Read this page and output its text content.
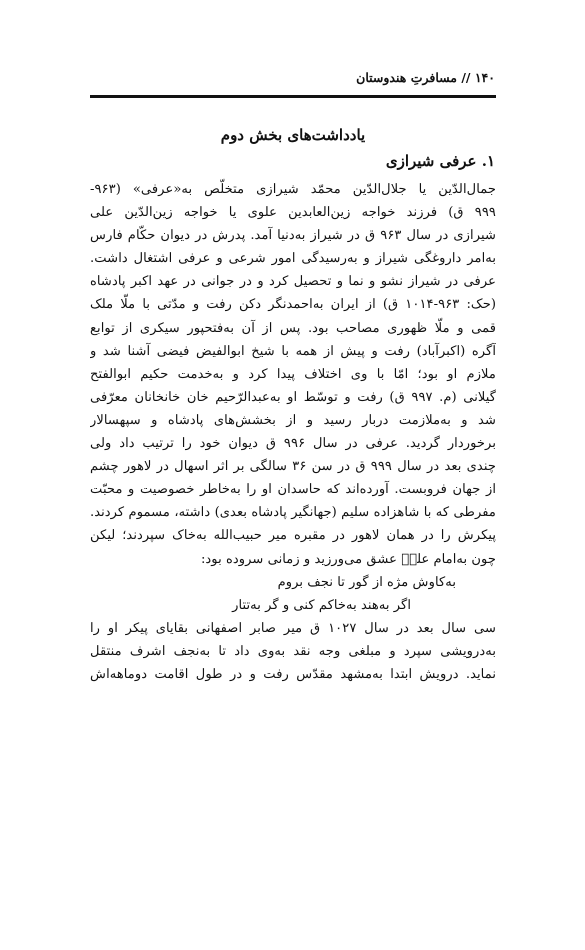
۱۴۰ // مسافرتِ هندوستان
یادداشت‌های بخش دوم
۱. عرفی شیرازی
جمال‌الدّین یا جلال‌الدّین محمّد شیرازی متخلّص به«عرفی» (۹۶۳-
۹۹۹ ق) فرزند خواجه زین‌العابدین علوی یا خواجه زین‌الدّین علی
شیرازی در سال ۹۶۳ ق در شیراز به‌دنیا آمد. پدرش در دیوان حکّام فارس
به‌امر داروغگی شیراز و به‌رسیدگی امور شرعی و عرفی اشتغال داشت.
عرفی در شیراز نشو و نما و تحصیل کرد و در جوانی در عهد اکبر پادشاه
(حک: ۹۶۳-۱۰۱۴ ق) از ایران به‌احمدنگر دکن رفت و مدّتی با ملّا ملک
قمی و ملّا ظهوری مصاحب بود. پس از آن به‌فتحپور سیکری از توابع
آگره (اکبرآباد) رفت و پیش از همه با شیخ ابوالفیض فیضی آشنا شد و
ملازم او بود؛ امّا با وی اختلاف پیدا کرد و به‌خدمت حکیم ابوالفتح
گیلانی (م. ۹۹۷ ق) رفت و توسّط او به‌عبدالرّحیم خان خانخانان معرّفی
شد و به‌ملازمت دربار رسید و از بخشش‌های پادشاه و سپهسالار
برخوردار گردید. عرفی در سال ۹۹۶ ق دیوان خود را ترتیب داد ولی
چندی بعد در سال ۹۹۹ ق در سن ۳۶ سالگی بر اثر اسهال در لاهور چشم
از جهان فروبست. آورده‌اند که حاسدان او را به‌خاطر خصوصیت و محبّت
مفرطی که با شاهزاده سلیم (جهانگیر پادشاه بعدی) داشته، مسموم کردند.
پیکرش را در همان لاهور در مقبره میر حبیب‌الله به‌خاک سپردند؛ لیکن
چون به‌امام علیؑ عشق می‌ورزید و زمانی سروده بود:
به‌کاوش مژه از گور تا نجف بروم
اگر به‌هند به‌خاکم کنی و گر به‌تتار
سی سال بعد در سال ۱۰۲۷ ق میر صابر اصفهانی بقایای پیکر او را
به‌درویشی سپرد و مبلغی وجه نقد به‌وی داد تا به‌نجف اشرف منتقل
نماید. درویش ابتدا به‌مشهد مقدّس رفت و در طول اقامت دوماهه‌اش
